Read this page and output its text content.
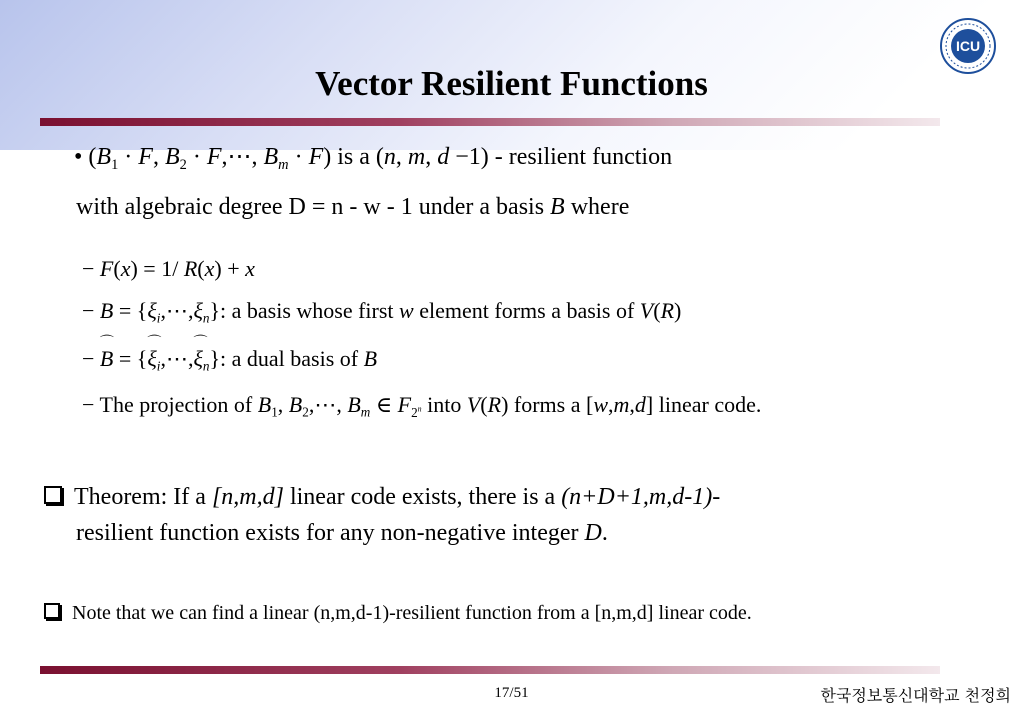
ICU
Vector Resilient Functions
• ($B_1 \cdot F$, $B_2$ · F,⋯, $B_m \cdot F$) is a (n, m, d −1) - resilient function
with algebraic degree D = n - w - 1 under a basis B where
− F(x) = 1/ R(x) + x
− $B = \{\xi_i,\cdots,\xi_n\}$: a basis whose first w element forms a basis of V(R)
− ⌒ B = {⌒ $\xi_i,\cdots,⌒$ $\xi_n$}: a dual basis of B
− The projection of $B_1$, $B_2,\cdots$, $B_m$ ∈ $F_{2^n}$ into V(R) forms a [w,m,d] linear code.
Theorem: If a [n,m,d] linear code exists, there is a (n+D+1,m,d-1)-
resilient function exists for any non-negative integer D.
Note that we can find a linear (n,m,d-1)-resilient function from a [n,m,d] linear code.
17/51	한국정보통신대학교 천정희
